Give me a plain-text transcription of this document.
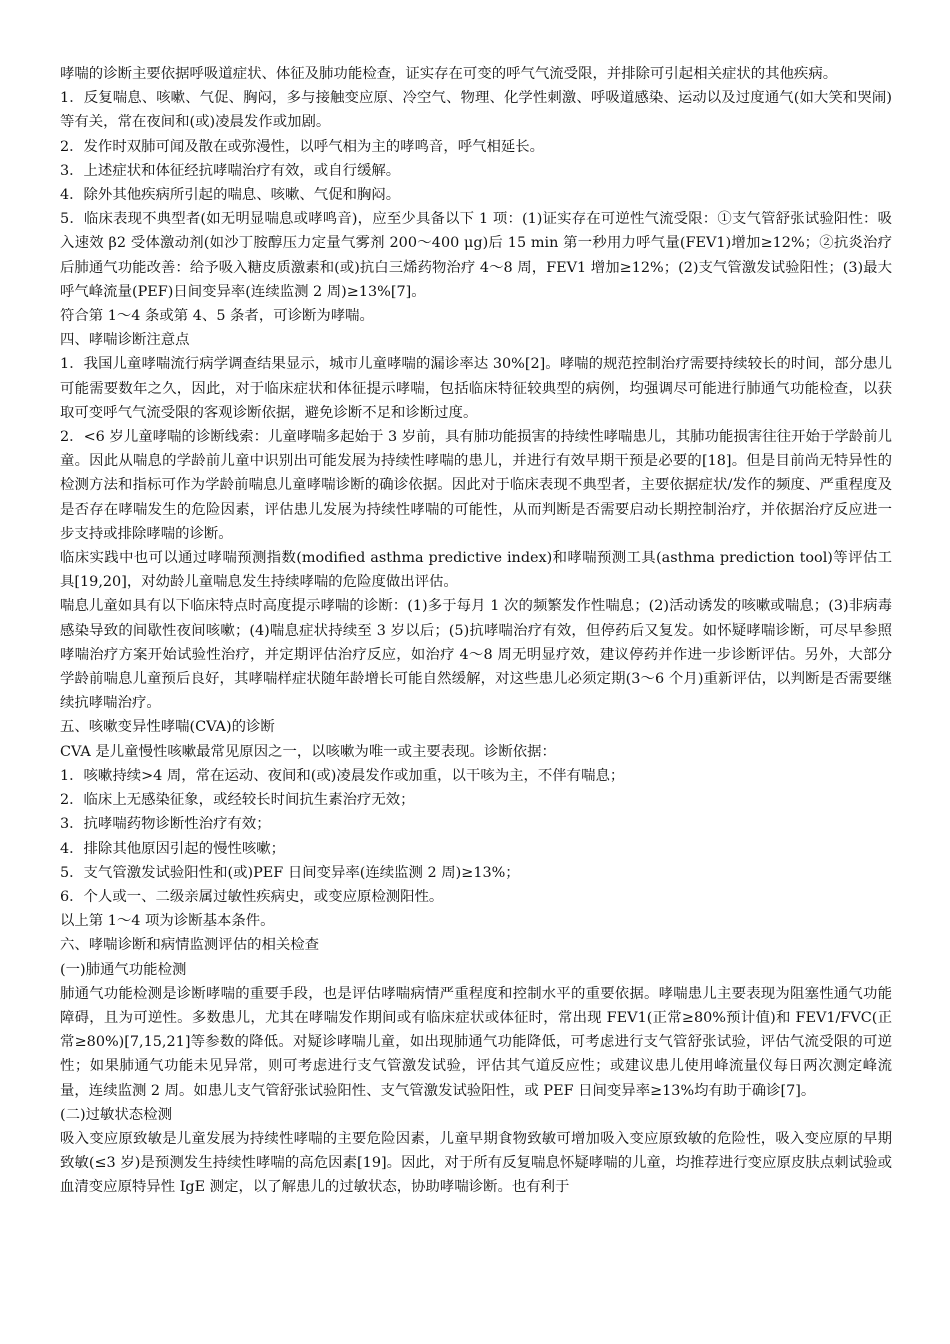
哮喘的诊断主要依据呼吸道症状、体征及肺功能检查，证实存在可变的呼气气流受限，并排除可引起相关症状的其他疾病。

1．反复喘息、咳嗽、气促、胸闷，多与接触变应原、冷空气、物理、化学性刺激、呼吸道感染、运动以及过度通气(如大笑和哭闹)等有关，常在夜间和(或)凌晨发作或加剧。

2．发作时双肺可闻及散在或弥漫性，以呼气相为主的哮鸣音，呼气相延长。

3．上述症状和体征经抗哮喘治疗有效，或自行缓解。

4．除外其他疾病所引起的喘息、咳嗽、气促和胸闷。

5．临床表现不典型者(如无明显喘息或哮鸣音)，应至少具备以下 1 项：(1)证实存在可逆性气流受限：①支气管舒张试验阳性：吸入速效 β2 受体激动剂(如沙丁胺醇压力定量气雾剂 200～400 μg)后 15 min 第一秒用力呼气量(FEV1)增加≥12%；②抗炎治疗后肺通气功能改善：给予吸入糖皮质激素和(或)抗白三烯药物治疗 4～8 周，FEV1 增加≥12%；(2)支气管激发试验阳性；(3)最大呼气峰流量(PEF)日间变异率(连续监测 2 周)≥13%[7]。

符合第 1～4 条或第 4、5 条者，可诊断为哮喘。

四、哮喘诊断注意点

1．我国儿童哮喘流行病学调查结果显示，城市儿童哮喘的漏诊率达 30%[2]。哮喘的规范控制治疗需要持续较长的时间，部分患儿可能需要数年之久，因此，对于临床症状和体征提示哮喘，包括临床特征较典型的病例，均强调尽可能进行肺通气功能检查，以获取可变呼气气流受限的客观诊断依据，避免诊断不足和诊断过度。

2．<6 岁儿童哮喘的诊断线索：儿童哮喘多起始于 3 岁前，具有肺功能损害的持续性哮喘患儿，其肺功能损害往往开始于学龄前儿童。因此从喘息的学龄前儿童中识别出可能发展为持续性哮喘的患儿，并进行有效早期干预是必要的[18]。但是目前尚无特异性的检测方法和指标可作为学龄前喘息儿童哮喘诊断的确诊依据。因此对于临床表现不典型者，主要依据症状/发作的频度、严重程度及是否存在哮喘发生的危险因素，评估患儿发展为持续性哮喘的可能性，从而判断是否需要启动长期控制治疗，并依据治疗反应进一步支持或排除哮喘的诊断。

临床实践中也可以通过哮喘预测指数(modified asthma predictive index)和哮喘预测工具(asthma prediction tool)等评估工具[19,20]，对幼龄儿童喘息发生持续哮喘的危险度做出评估。

喘息儿童如具有以下临床特点时高度提示哮喘的诊断：(1)多于每月 1 次的频繁发作性喘息；(2)活动诱发的咳嗽或喘息；(3)非病毒感染导致的间歇性夜间咳嗽；(4)喘息症状持续至 3 岁以后；(5)抗哮喘治疗有效，但停药后又复发。如怀疑哮喘诊断，可尽早参照哮喘治疗方案开始试验性治疗，并定期评估治疗反应，如治疗 4～8 周无明显疗效，建议停药并作进一步诊断评估。另外，大部分学龄前喘息儿童预后良好，其哮喘样症状随年龄增长可能自然缓解，对这些患儿必须定期(3～6 个月)重新评估，以判断是否需要继续抗哮喘治疗。

五、咳嗽变异性哮喘(CVA)的诊断

CVA 是儿童慢性咳嗽最常见原因之一，以咳嗽为唯一或主要表现。诊断依据：

1．咳嗽持续>4 周，常在运动、夜间和(或)凌晨发作或加重，以干咳为主，不伴有喘息；

2．临床上无感染征象，或经较长时间抗生素治疗无效；

3．抗哮喘药物诊断性治疗有效；

4．排除其他原因引起的慢性咳嗽；

5．支气管激发试验阳性和(或)PEF 日间变异率(连续监测 2 周)≥13%；

6．个人或一、二级亲属过敏性疾病史，或变应原检测阳性。

以上第 1～4 项为诊断基本条件。

六、哮喘诊断和病情监测评估的相关检查

(一)肺通气功能检测

肺通气功能检测是诊断哮喘的重要手段，也是评估哮喘病情严重程度和控制水平的重要依据。哮喘患儿主要表现为阻塞性通气功能障碍，且为可逆性。多数患儿，尤其在哮喘发作期间或有临床症状或体征时，常出现 FEV1(正常≥80%预计值)和 FEV1/FVC(正常≥80%)[7,15,21]等参数的降低。对疑诊哮喘儿童，如出现肺通气功能降低，可考虑进行支气管舒张试验，评估气流受限的可逆性；如果肺通气功能未见异常，则可考虑进行支气管激发试验，评估其气道反应性；或建议患儿使用峰流量仪每日两次测定峰流量，连续监测 2 周。如患儿支气管舒张试验阳性、支气管激发试验阳性，或 PEF 日间变异率≥13%均有助于确诊[7]。

(二)过敏状态检测

吸入变应原致敏是儿童发展为持续性哮喘的主要危险因素，儿童早期食物致敏可增加吸入变应原致敏的危险性，吸入变应原的早期致敏(≤3 岁)是预测发生持续性哮喘的高危因素[19]。因此，对于所有反复喘息怀疑哮喘的儿童，均推荐进行变应原皮肤点刺试验或血清变应原特异性 IgE 测定，以了解患儿的过敏状态，协助哮喘诊断。也有利于
